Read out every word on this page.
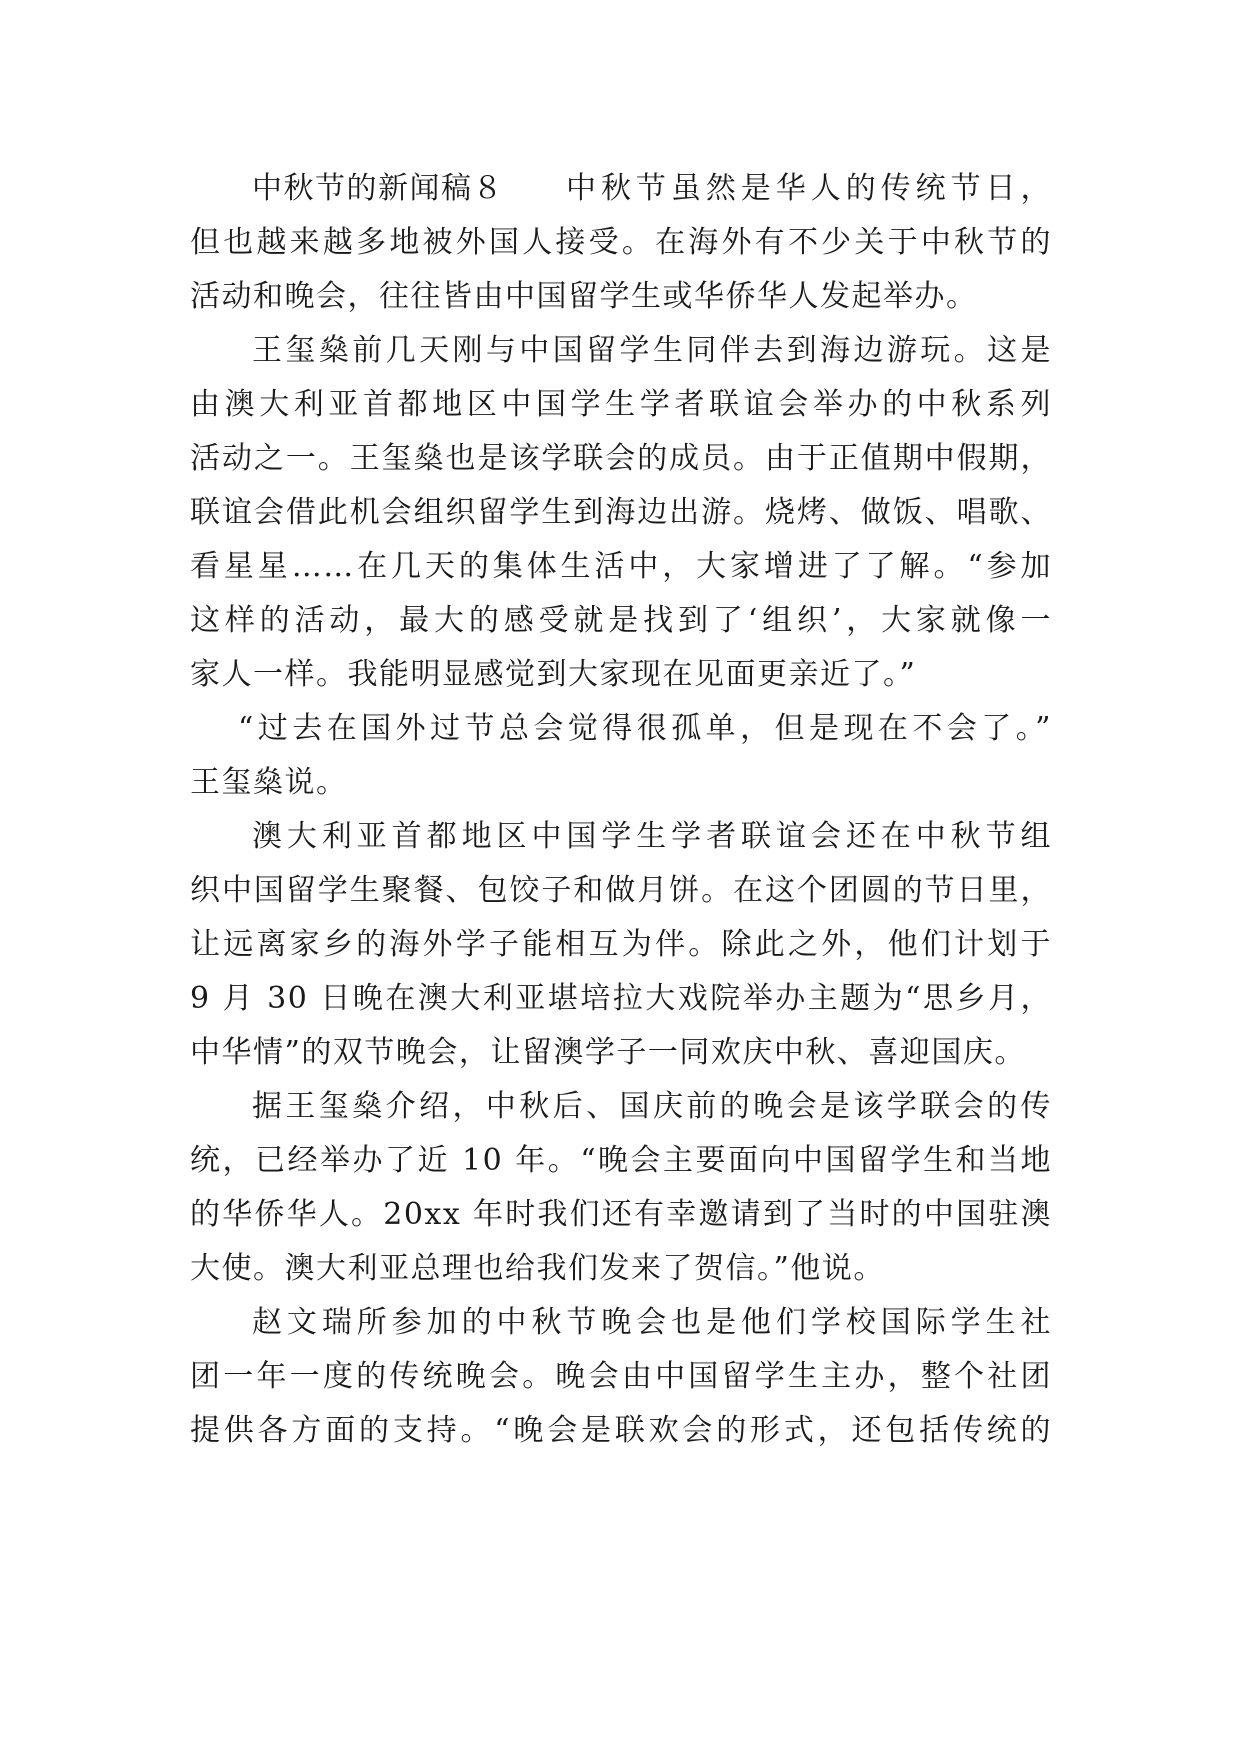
中秋节的新闻稿８ 中秋节虽然是华人的传统节日，
但也越来越多地被外国人接受。在海外有不少关于中秋节的
活动和晚会，往往皆由中国留学生或华侨华人发起举办。
王玺燊前几天刚与中国留学生同伴去到海边游玩。这是
由澳大利亚首都地区中国学生学者联谊会举办的中秋系列
活动之一。王玺燊也是该学联会的成员。由于正值期中假期，
联谊会借此机会组织留学生到海边出游。烧烤、做饭、唱歌、
看星星……在几天的集体生活中，大家增进了了解。“参加
这样的活动，最大的感受就是找到了‘组织’，大家就像一
家人一样。我能明显感觉到大家现在见面更亲近了。”
“过去在国外过节总会觉得很孤单，但是现在不会了。”
王玺燊说。
澳大利亚首都地区中国学生学者联谊会还在中秋节组
织中国留学生聚餐、包饺子和做月饼。在这个团圆的节日里，
让远离家乡的海外学子能相互为伴。除此之外，他们计划于
9 月 30 日晚在澳大利亚堪培拉大戏院举办主题为“思乡月，
中华情”的双节晚会，让留澳学子一同欢庆中秋、喜迎国庆。
据王玺燊介绍，中秋后、国庆前的晚会是该学联会的传
统，已经举办了近 10 年。“晚会主要面向中国留学生和当地
的华侨华人。20xx 年时我们还有幸邀请到了当时的中国驻澳
大使。澳大利亚总理也给我们发来了贺信。”他说。
赵文瑞所参加的中秋节晚会也是他们学校国际学生社
团一年一度的传统晚会。晚会由中国留学生主办，整个社团
提供各方面的支持。“晚会是联欢会的形式，还包括传统的
